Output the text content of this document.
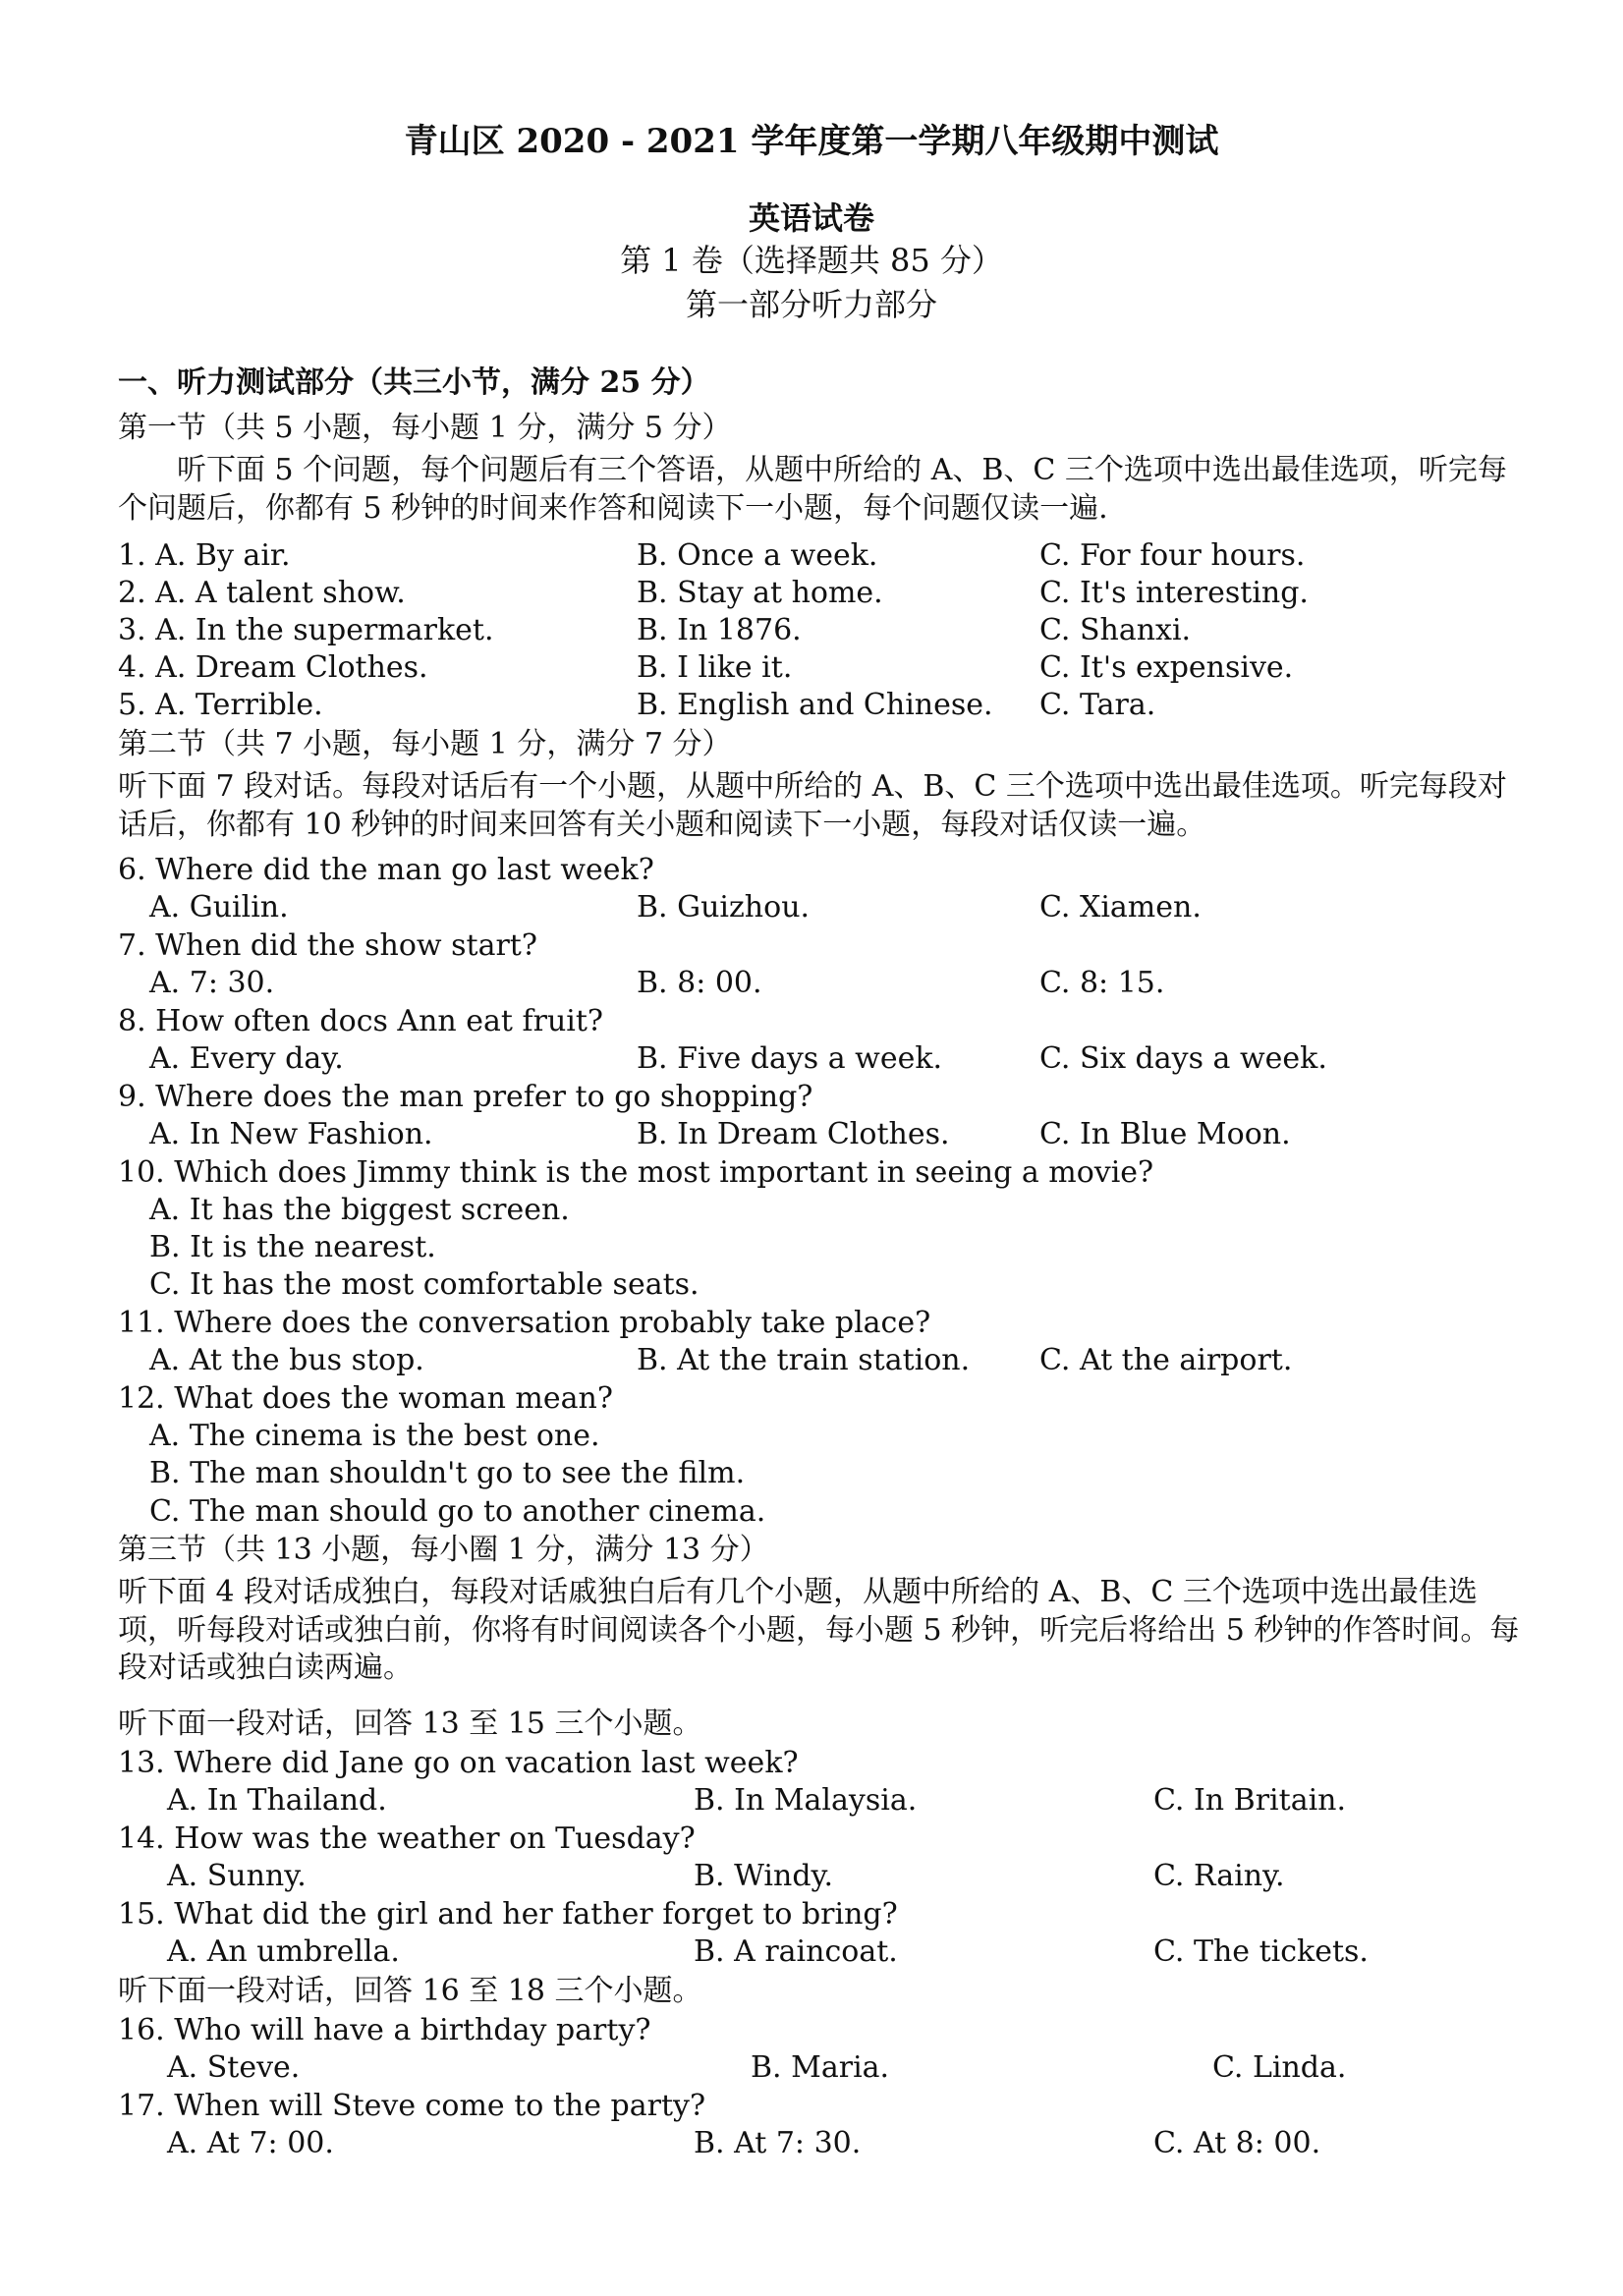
青山区 2020 - 2021 学年度第一学期八年级期中测试
英语试卷
第 1 卷（选择题共 85 分）
第一部分听力部分
一、听力测试部分（共三小节，满分 25 分）
第一节（共 5 小题，每小题 1 分，满分 5 分）
听下面 5 个问题，每个问题后有三个答语，从题中所给的 A、B、C 三个选项中选出最佳选项，听完每个问题后，你都有 5 秒钟的时间来作答和阅读下一小题，每个问题仅读一遍.
1. A. By air.	B. Once a week.	C. For four hours.
2. A. A talent show.	B. Stay at home.	C. It's interesting.
3. A. In the supermarket.	B. In 1876.	C. Shanxi.
4. A. Dream Clothes.	B. I like it.	C. It's expensive.
5. A. Terrible.	B. English and Chinese. C. Tara.
第二节（共 7 小题，每小题 1 分，满分 7 分）
听下面 7 段对话。每段对话后有一个小题，从题中所给的 A、B、C 三个选项中选出最佳选项。听完每段对话后，你都有 10 秒钟的时间来回答有关小题和阅读下一小题，每段对话仅读一遍。
6. Where did the man go last week?
A. Guilin.	B. Guizhou.	C. Xiamen.
7. When did the show start?
A. 7: 30.	B. 8: 00.	C. 8: 15.
8. How often docs Ann eat fruit?
A. Every day.	B. Five days a week.	C. Six days a week.
9. Where does the man prefer to go shopping?
A. In New Fashion.	B. In Dream Clothes.	C. In Blue Moon.
10. Which does Jimmy think is the most important in seeing a movie?
A. It has the biggest screen.
B. It is the nearest.
C. It has the most comfortable seats.
11. Where does the conversation probably take place?
A. At the bus stop.	B. At the train station. C. At the airport.
12. What does the woman mean?
A. The cinema is the best one.
B. The man shouldn't go to see the film.
C. The man should go to another cinema.
第三节（共 13 小题，每小圈 1 分，满分 13 分）
听下面 4 段对话成独白，每段对话戚独白后有几个小题，从题中所给的 A、B、C 三个选项中选出最佳选项，听每段对话或独白前，你将有时间阅读各个小题，每小题 5 秒钟，听完后将给出 5 秒钟的作答时间。每段对话或独白读两遍。
听下面一段对话，回答 13 至 15 三个小题。
13. Where did Jane go on vacation last week?
A. In Thailand.	B. In Malaysia.	C. In Britain.
14. How was the weather on Tuesday?
A. Sunny.	B. Windy.	C. Rainy.
15. What did the girl and her father forget to bring?
A. An umbrella.	B. A raincoat.	C. The tickets.
听下面一段对话，回答 16 至 18 三个小题。
16. Who will have a birthday party?
A. Steve.	B. Maria.	C. Linda.
17. When will Steve come to the party?
A. At 7: 00.	B. At 7: 30.	C. At 8: 00.
